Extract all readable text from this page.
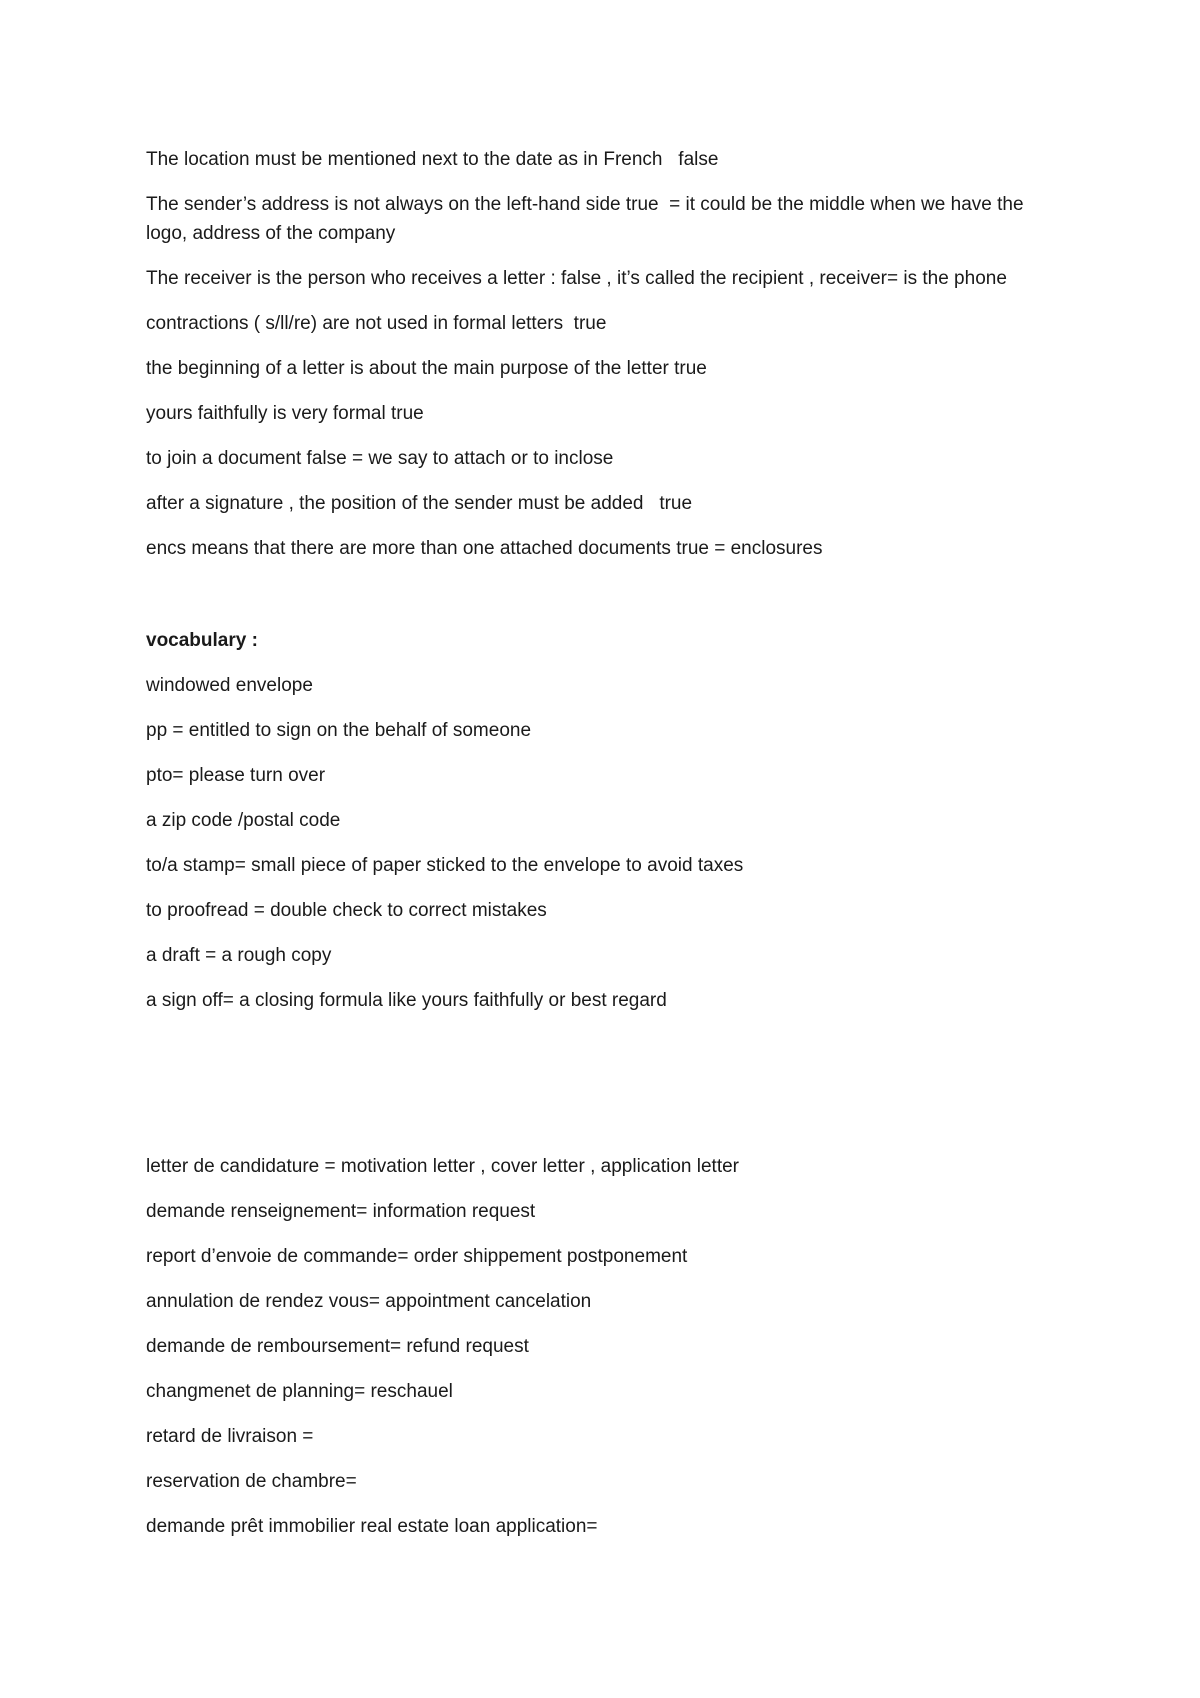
The location must be mentioned next to the date as in French   false

The sender’s address is not always on the left-hand side true  = it could be the middle when we have the logo, address of the company

The receiver is the person who receives a letter : false , it’s called the recipient , receiver= is the phone

contractions ( s/ll/re) are not used in formal letters  true

the beginning of a letter is about the main purpose of the letter true

yours faithfully is very formal true

to join a document false = we say to attach or to inclose

after a signature , the position of the sender must be added   true

encs means that there are more than one attached documents true = enclosures

vocabulary :

windowed envelope

pp = entitled to sign on the behalf of someone

pto= please turn over

a zip code /postal code

to/a stamp= small piece of paper sticked to the envelope to avoid taxes

to proofread = double check to correct mistakes

a draft = a rough copy

a sign off= a closing formula like yours faithfully or best regard

letter de candidature = motivation letter , cover letter , application letter

demande renseignement= information request

report d’envoie de commande= order shippement postponement

annulation de rendez vous= appointment cancelation

demande de remboursement= refund request

changmenet de planning= reschauel

retard de livraison =

reservation de chambre=

demande prêt immobilier real estate loan application=
